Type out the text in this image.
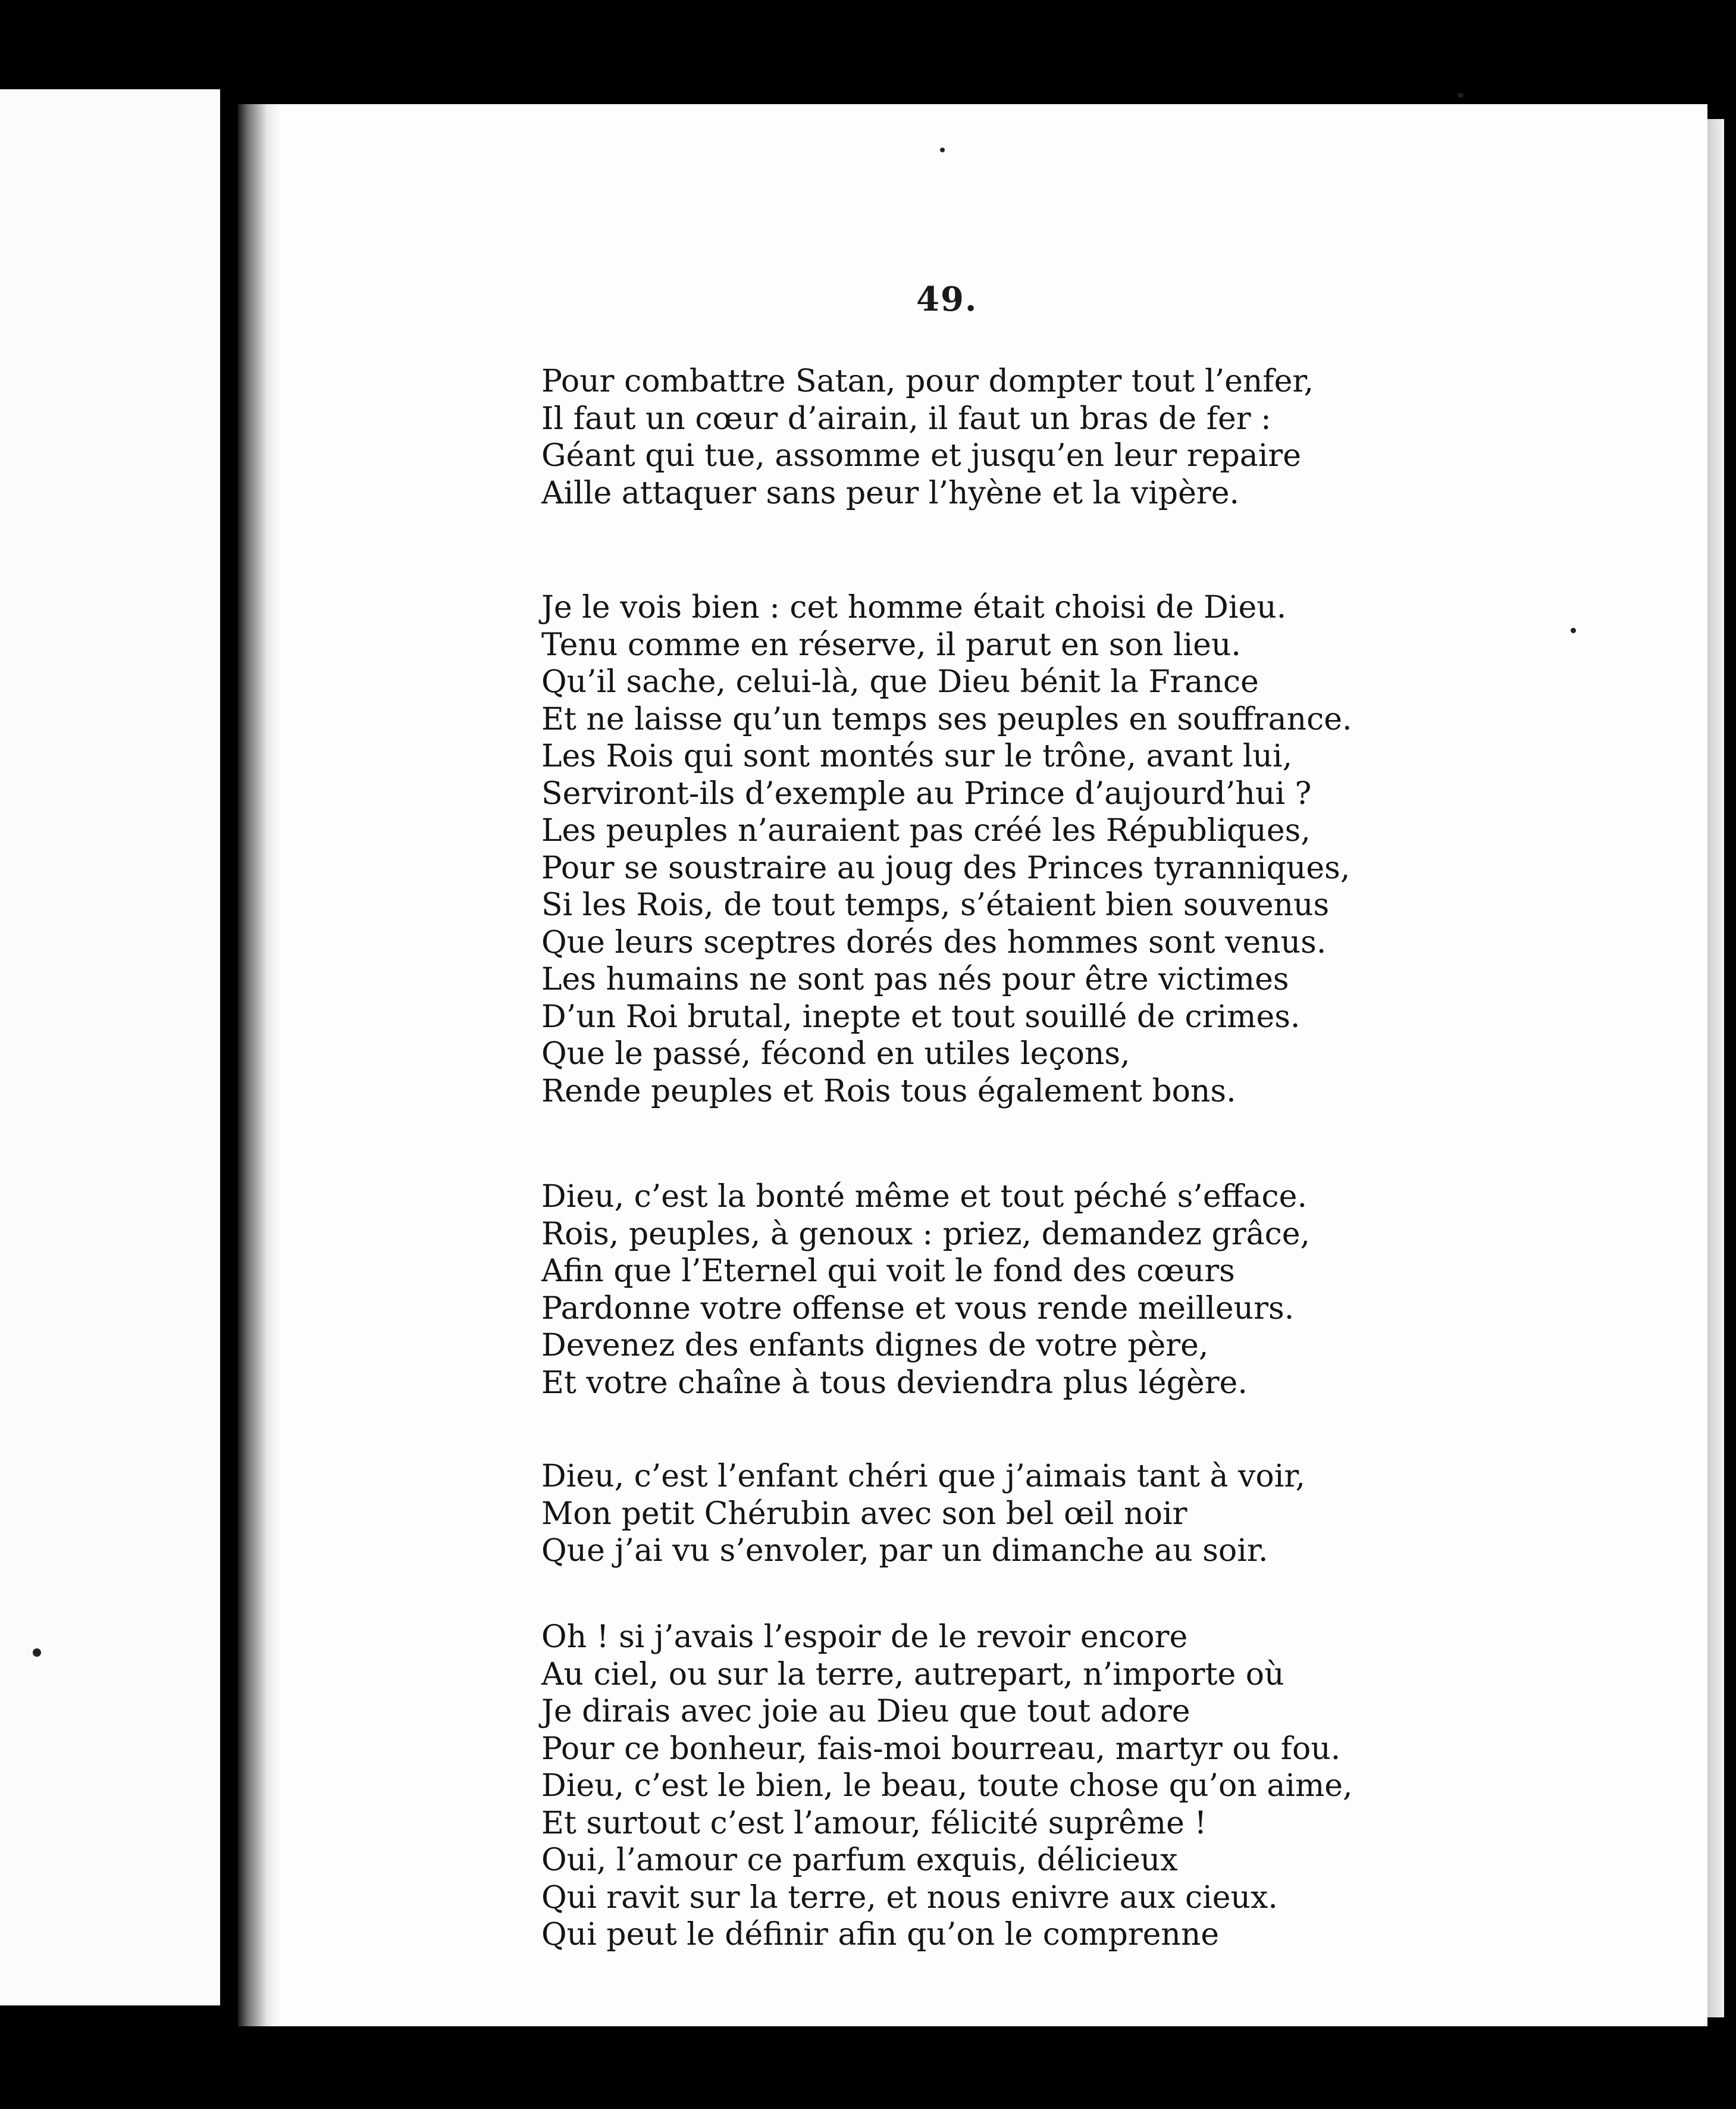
49.
Pour combattre Satan, pour dompter tout l’enfer,
Il faut un cœur d’airain, il faut un bras de fer :
Géant qui tue, assomme et jusqu’en leur repaire
Aille attaquer sans peur l’hyène et la vipère.
Je le vois bien : cet homme était choisi de Dieu.
Tenu comme en réserve, il parut en son lieu.
Qu’il sache, celui-là, que Dieu bénit la France
Et ne laisse qu’un temps ses peuples en souffrance.
Les Rois qui sont montés sur le trône, avant lui,
Serviront-ils d’exemple au Prince d’aujourd’hui ?
Les peuples n’auraient pas créé les Républiques,
Pour se soustraire au joug des Princes tyranniques,
Si les Rois, de tout temps, s’étaient bien souvenus
Que leurs sceptres dorés des hommes sont venus.
Les humains ne sont pas nés pour être victimes
D’un Roi brutal, inepte et tout souillé de crimes.
Que le passé, fécond en utiles leçons,
Rende peuples et Rois tous également bons.
Dieu, c’est la bonté même et tout péché s’efface.
Rois, peuples, à genoux : priez, demandez grâce,
Afin que l’Eternel qui voit le fond des cœurs
Pardonne votre offense et vous rende meilleurs.
Devenez des enfants dignes de votre père,
Et votre chaîne à tous deviendra plus légère.
Dieu, c’est l’enfant chéri que j’aimais tant à voir,
Mon petit Chérubin avec son bel œil noir
Que j’ai vu s’envoler, par un dimanche au soir.
Oh ! si j’avais l’espoir de le revoir encore
Au ciel, ou sur la terre, autrepart, n’importe où
Je dirais avec joie au Dieu que tout adore
Pour ce bonheur, fais-moi bourreau, martyr ou fou.
Dieu, c’est le bien, le beau, toute chose qu’on aime,
Et surtout c’est l’amour, félicité suprême !
Oui, l’amour ce parfum exquis, délicieux
Qui ravit sur la terre, et nous enivre aux cieux.
Qui peut le définir afin qu’on le comprenne
